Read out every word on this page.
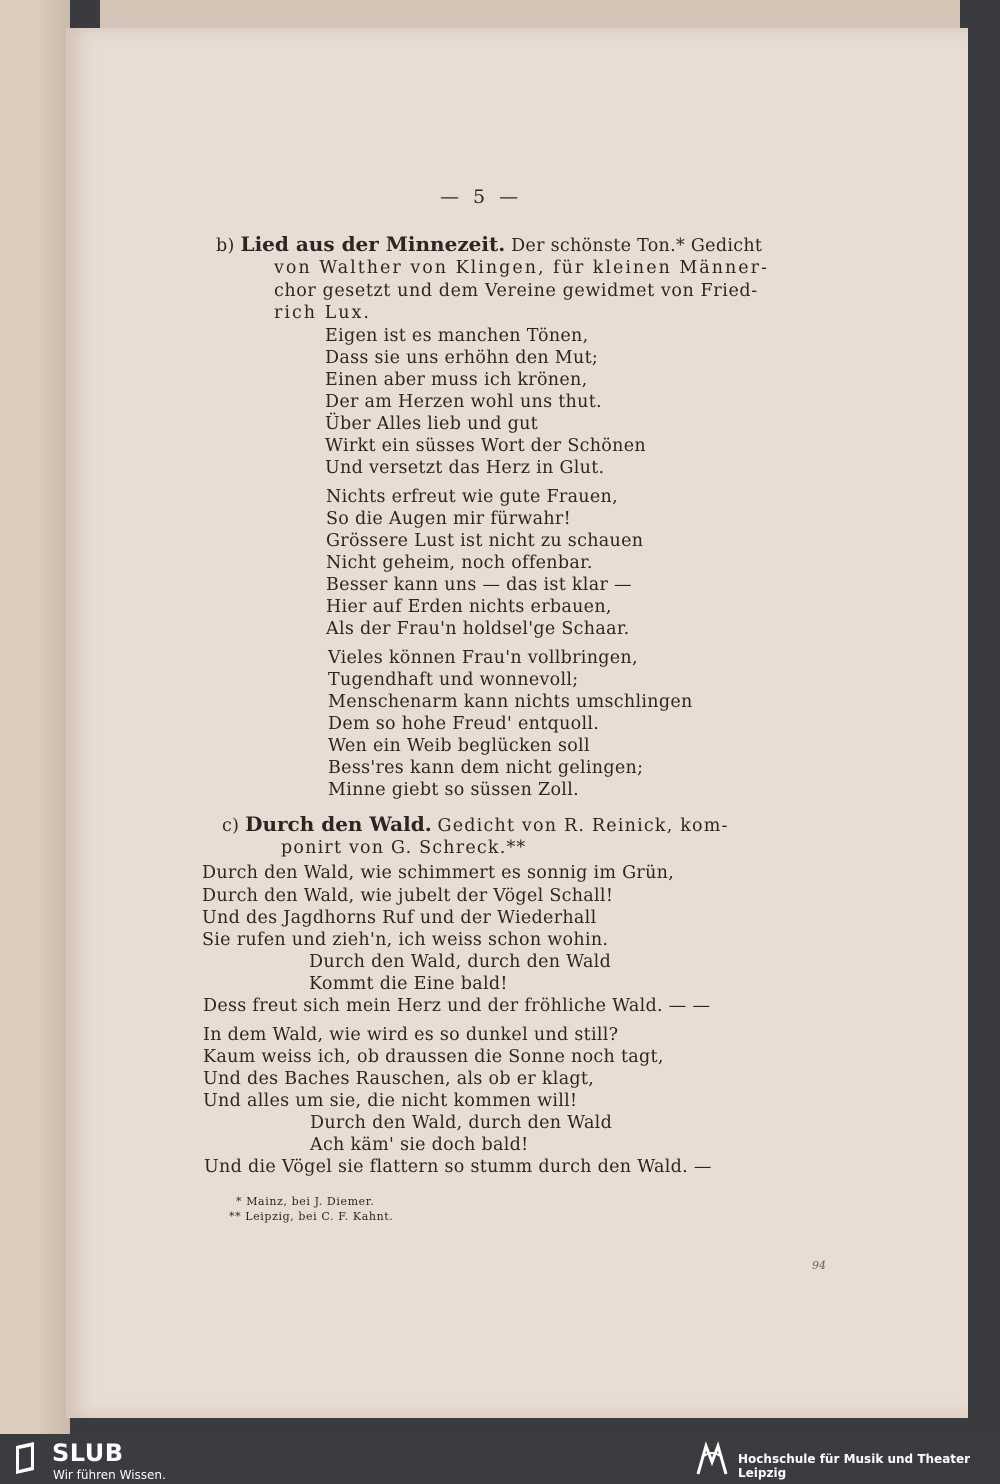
— 5 —
b) Lied aus der Minnezeit. Der schönste Ton.* Gedicht
von Walther von Klingen, für kleinen Männer-
chor gesetzt und dem Vereine gewidmet von Fried-
rich Lux.
Eigen ist es manchen Tönen,
Dass sie uns erhöhn den Mut;
Einen aber muss ich krönen,
Der am Herzen wohl uns thut.
Über Alles lieb und gut
Wirkt ein süsses Wort der Schönen
Und versetzt das Herz in Glut.
Nichts erfreut wie gute Frauen,
So die Augen mir fürwahr!
Grössere Lust ist nicht zu schauen
Nicht geheim, noch offenbar.
Besser kann uns — das ist klar —
Hier auf Erden nichts erbauen,
Als der Frau'n holdsel'ge Schaar.
Vieles können Frau'n vollbringen,
Tugendhaft und wonnevoll;
Menschenarm kann nichts umschlingen
Dem so hohe Freud' entquoll.
Wen ein Weib beglücken soll
Bess'res kann dem nicht gelingen;
Minne giebt so süssen Zoll.
c) Durch den Wald. Gedicht von R. Reinick, kom-
ponirt von G. Schreck.**
Durch den Wald, wie schimmert es sonnig im Grün,
Durch den Wald, wie jubelt der Vögel Schall!
Und des Jagdhorns Ruf und der Wiederhall
Sie rufen und zieh'n, ich weiss schon wohin.
Durch den Wald, durch den Wald
Kommt die Eine bald!
Dess freut sich mein Herz und der fröhliche Wald. — —
In dem Wald, wie wird es so dunkel und still?
Kaum weiss ich, ob draussen die Sonne noch tagt,
Und des Baches Rauschen, als ob er klagt,
Und alles um sie, die nicht kommen will!
Durch den Wald, durch den Wald
Ach käm' sie doch bald!
Und die Vögel sie flattern so stumm durch den Wald. —
* Mainz, bei J. Diemer.
** Leipzig, bei C. F. Kahnt.
94
SLUB
Wir führen Wissen.
Hochschule für Musik und Theater Leipzig
